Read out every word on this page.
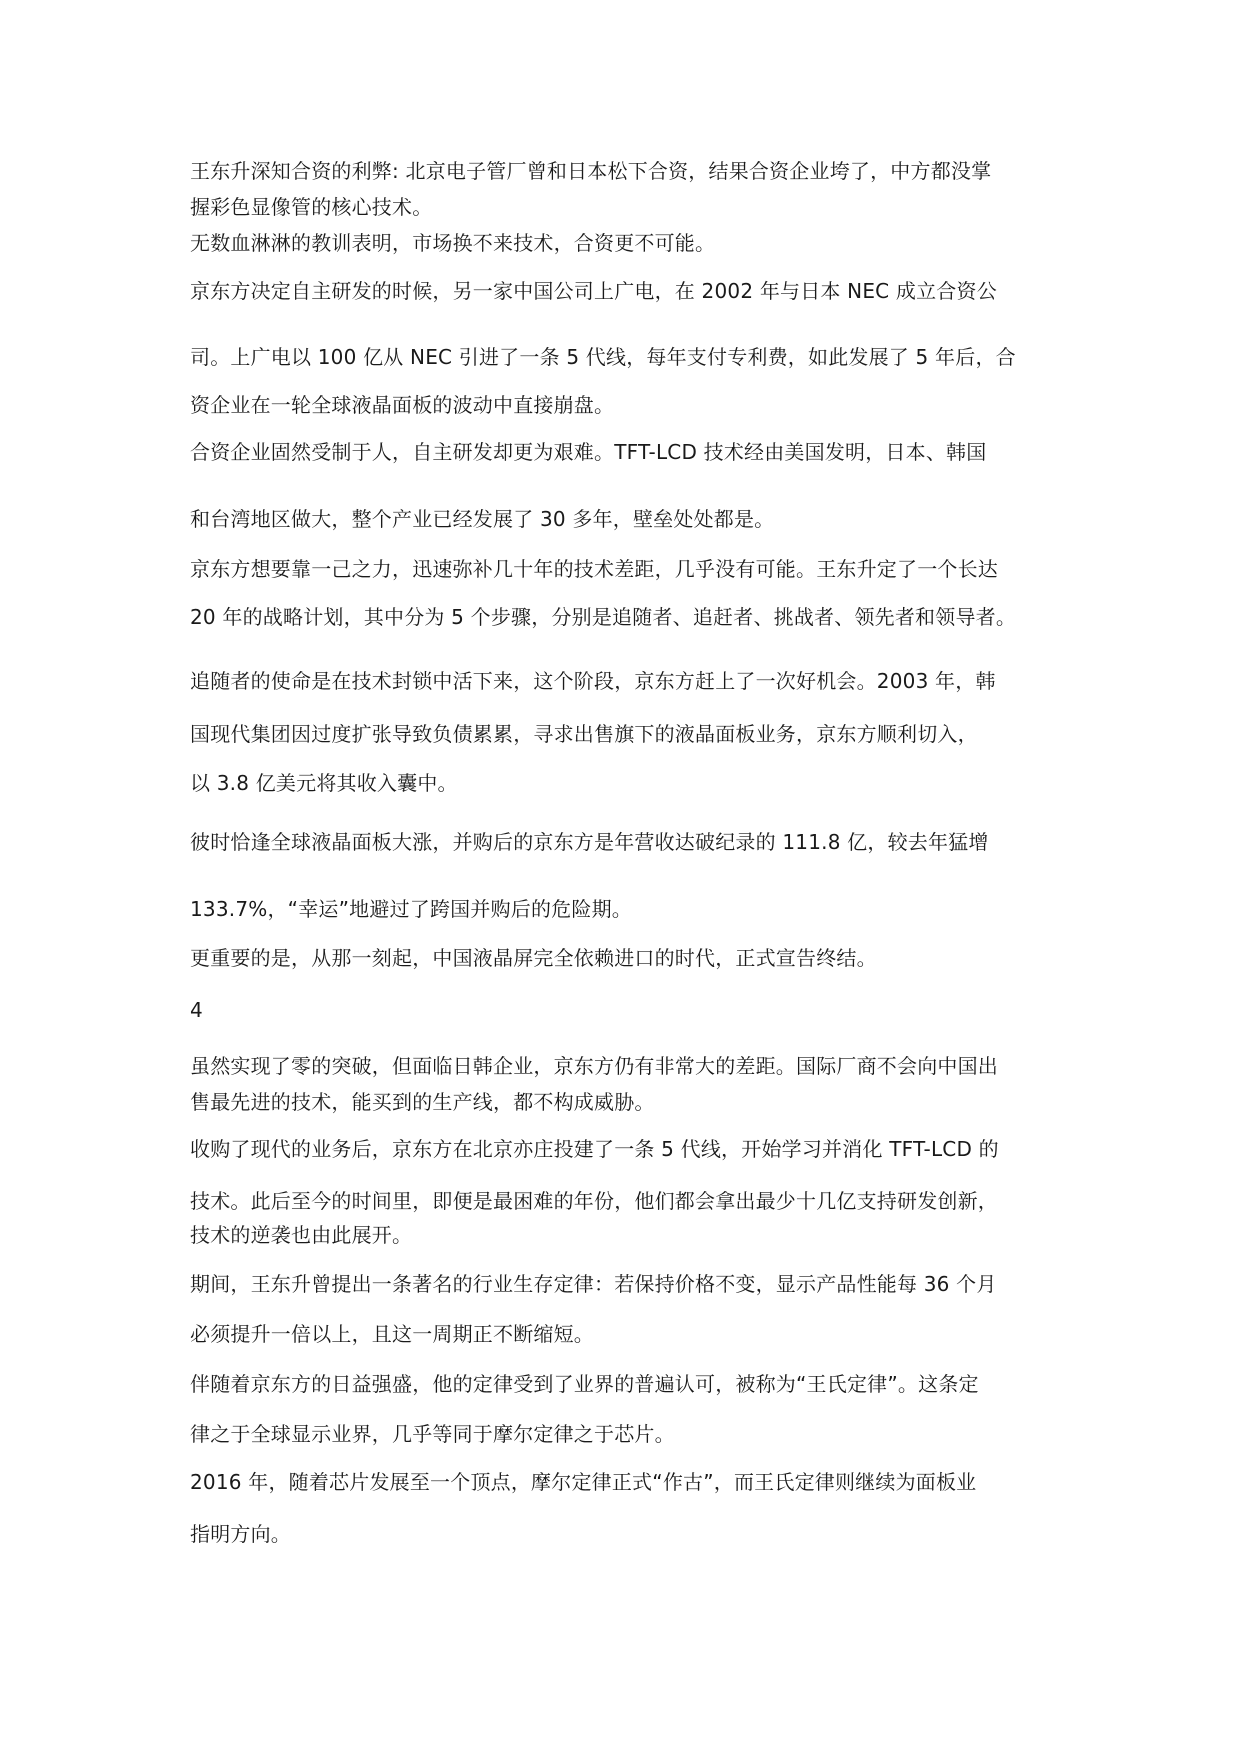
王东升深知合资的利弊: 北京电子管厂曾和日本松下合资，结果合资企业垮了，中方都没掌
握彩色显像管的核心技术。
无数血淋淋的教训表明，市场换不来技术，合资更不可能。
京东方决定自主研发的时候，另一家中国公司上广电，在 2002 年与日本 NEC 成立合资公
司。上广电以 100 亿从 NEC 引进了一条 5 代线，每年支付专利费，如此发展了 5 年后，合
资企业在一轮全球液晶面板的波动中直接崩盘。
合资企业固然受制于人，自主研发却更为艰难。TFT-LCD 技术经由美国发明，日本、韩国
和台湾地区做大，整个产业已经发展了 30 多年，壁垒处处都是。
京东方想要靠一己之力，迅速弥补几十年的技术差距，几乎没有可能。王东升定了一个长达
20 年的战略计划，其中分为 5 个步骤，分别是追随者、追赶者、挑战者、领先者和领导者。
追随者的使命是在技术封锁中活下来，这个阶段，京东方赶上了一次好机会。2003 年，韩
国现代集团因过度扩张导致负债累累，寻求出售旗下的液晶面板业务，京东方顺利切入，
以 3.8 亿美元将其收入囊中。
彼时恰逢全球液晶面板大涨，并购后的京东方是年营收达破纪录的 111.8 亿，较去年猛增
133.7%，“幸运”地避过了跨国并购后的危险期。
更重要的是，从那一刻起，中国液晶屏完全依赖进口的时代，正式宣告终结。
4
虽然实现了零的突破，但面临日韩企业，京东方仍有非常大的差距。国际厂商不会向中国出
售最先进的技术，能买到的生产线，都不构成威胁。
收购了现代的业务后，京东方在北京亦庄投建了一条 5 代线，开始学习并消化 TFT-LCD 的
技术。此后至今的时间里，即便是最困难的年份，他们都会拿出最少十几亿支持研发创新，
技术的逆袭也由此展开。
期间，王东升曾提出一条著名的行业生存定律：若保持价格不变，显示产品性能每 36 个月
必须提升一倍以上，且这一周期正不断缩短。
伴随着京东方的日益强盛，他的定律受到了业界的普遍认可，被称为“王氏定律”。这条定
律之于全球显示业界，几乎等同于摩尔定律之于芯片。
2016 年，随着芯片发展至一个顶点，摩尔定律正式“作古”，而王氏定律则继续为面板业
指明方向。
